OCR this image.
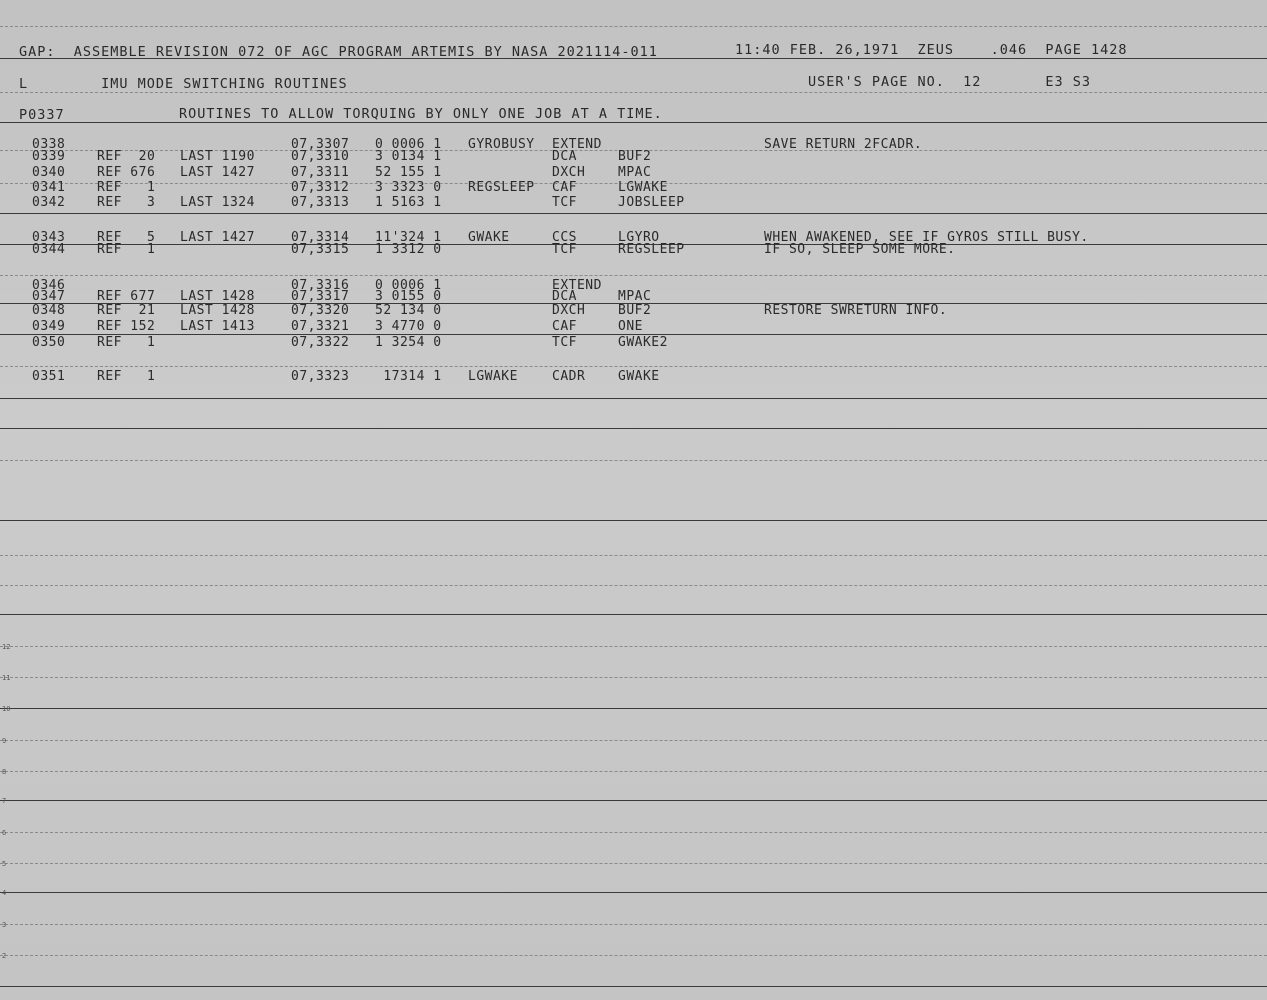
GAP:  ASSEMBLE REVISION 072 OF AGC PROGRAM ARTEMIS BY NASA 2021114-011	11:40 FEB. 26,1971  ZEUS    .046  PAGE 1428
L        IMU MODE SWITCHING ROUTINES	USER'S PAGE NO.  12       E3 S3
P0337	ROUTINES TO ALLOW TORQUING BY ONLY ONE JOB AT A TIME.
0338	07,3307 0 0006 1 GYROBUSY EXTEND	SAVE RETURN 2FCADR.
0339 REF  20 LAST 1190	07,3310 3 0134 1	DCA	BUF2
0340 REF 676 LAST 1427	07,3311 52 155 1	DXCH	MPAC
0341 REF   1	07,3312 3 3323 0 REGSLEEP CAF	LGWAKE
0342 REF   3 LAST 1324	07,3313 1 5163 1	TCF	JOBSLEEP
0343 REF   5 LAST 1427	07,3314 11'324 1 GWAKE	CCS	LGYRO	WHEN AWAKENED, SEE IF GYROS STILL BUSY.
0344 REF   1	07,3315 1 3312 0	TCF	REGSLEEP	IF SO, SLEEP SOME MORE.
0346	07,3316 0 0006 1	EXTEND
0347 REF 677 LAST 1428	07,3317 3 0155 0	DCA	MPAC
0348 REF  21 LAST 1428	07,3320 52 134 0	DXCH	BUF2	RESTORE SWRETURN INFO.
0349 REF 152 LAST 1413	07,3321 3 4770 0	CAF	ONE
0350 REF   1	07,3322 1 3254 0	TCF	GWAKE2
0351 REF   1	07,3323 17314 1 LGWAKE	CADR	GWAKE
12
11
10
9
8
7
6
5
4
3
2
